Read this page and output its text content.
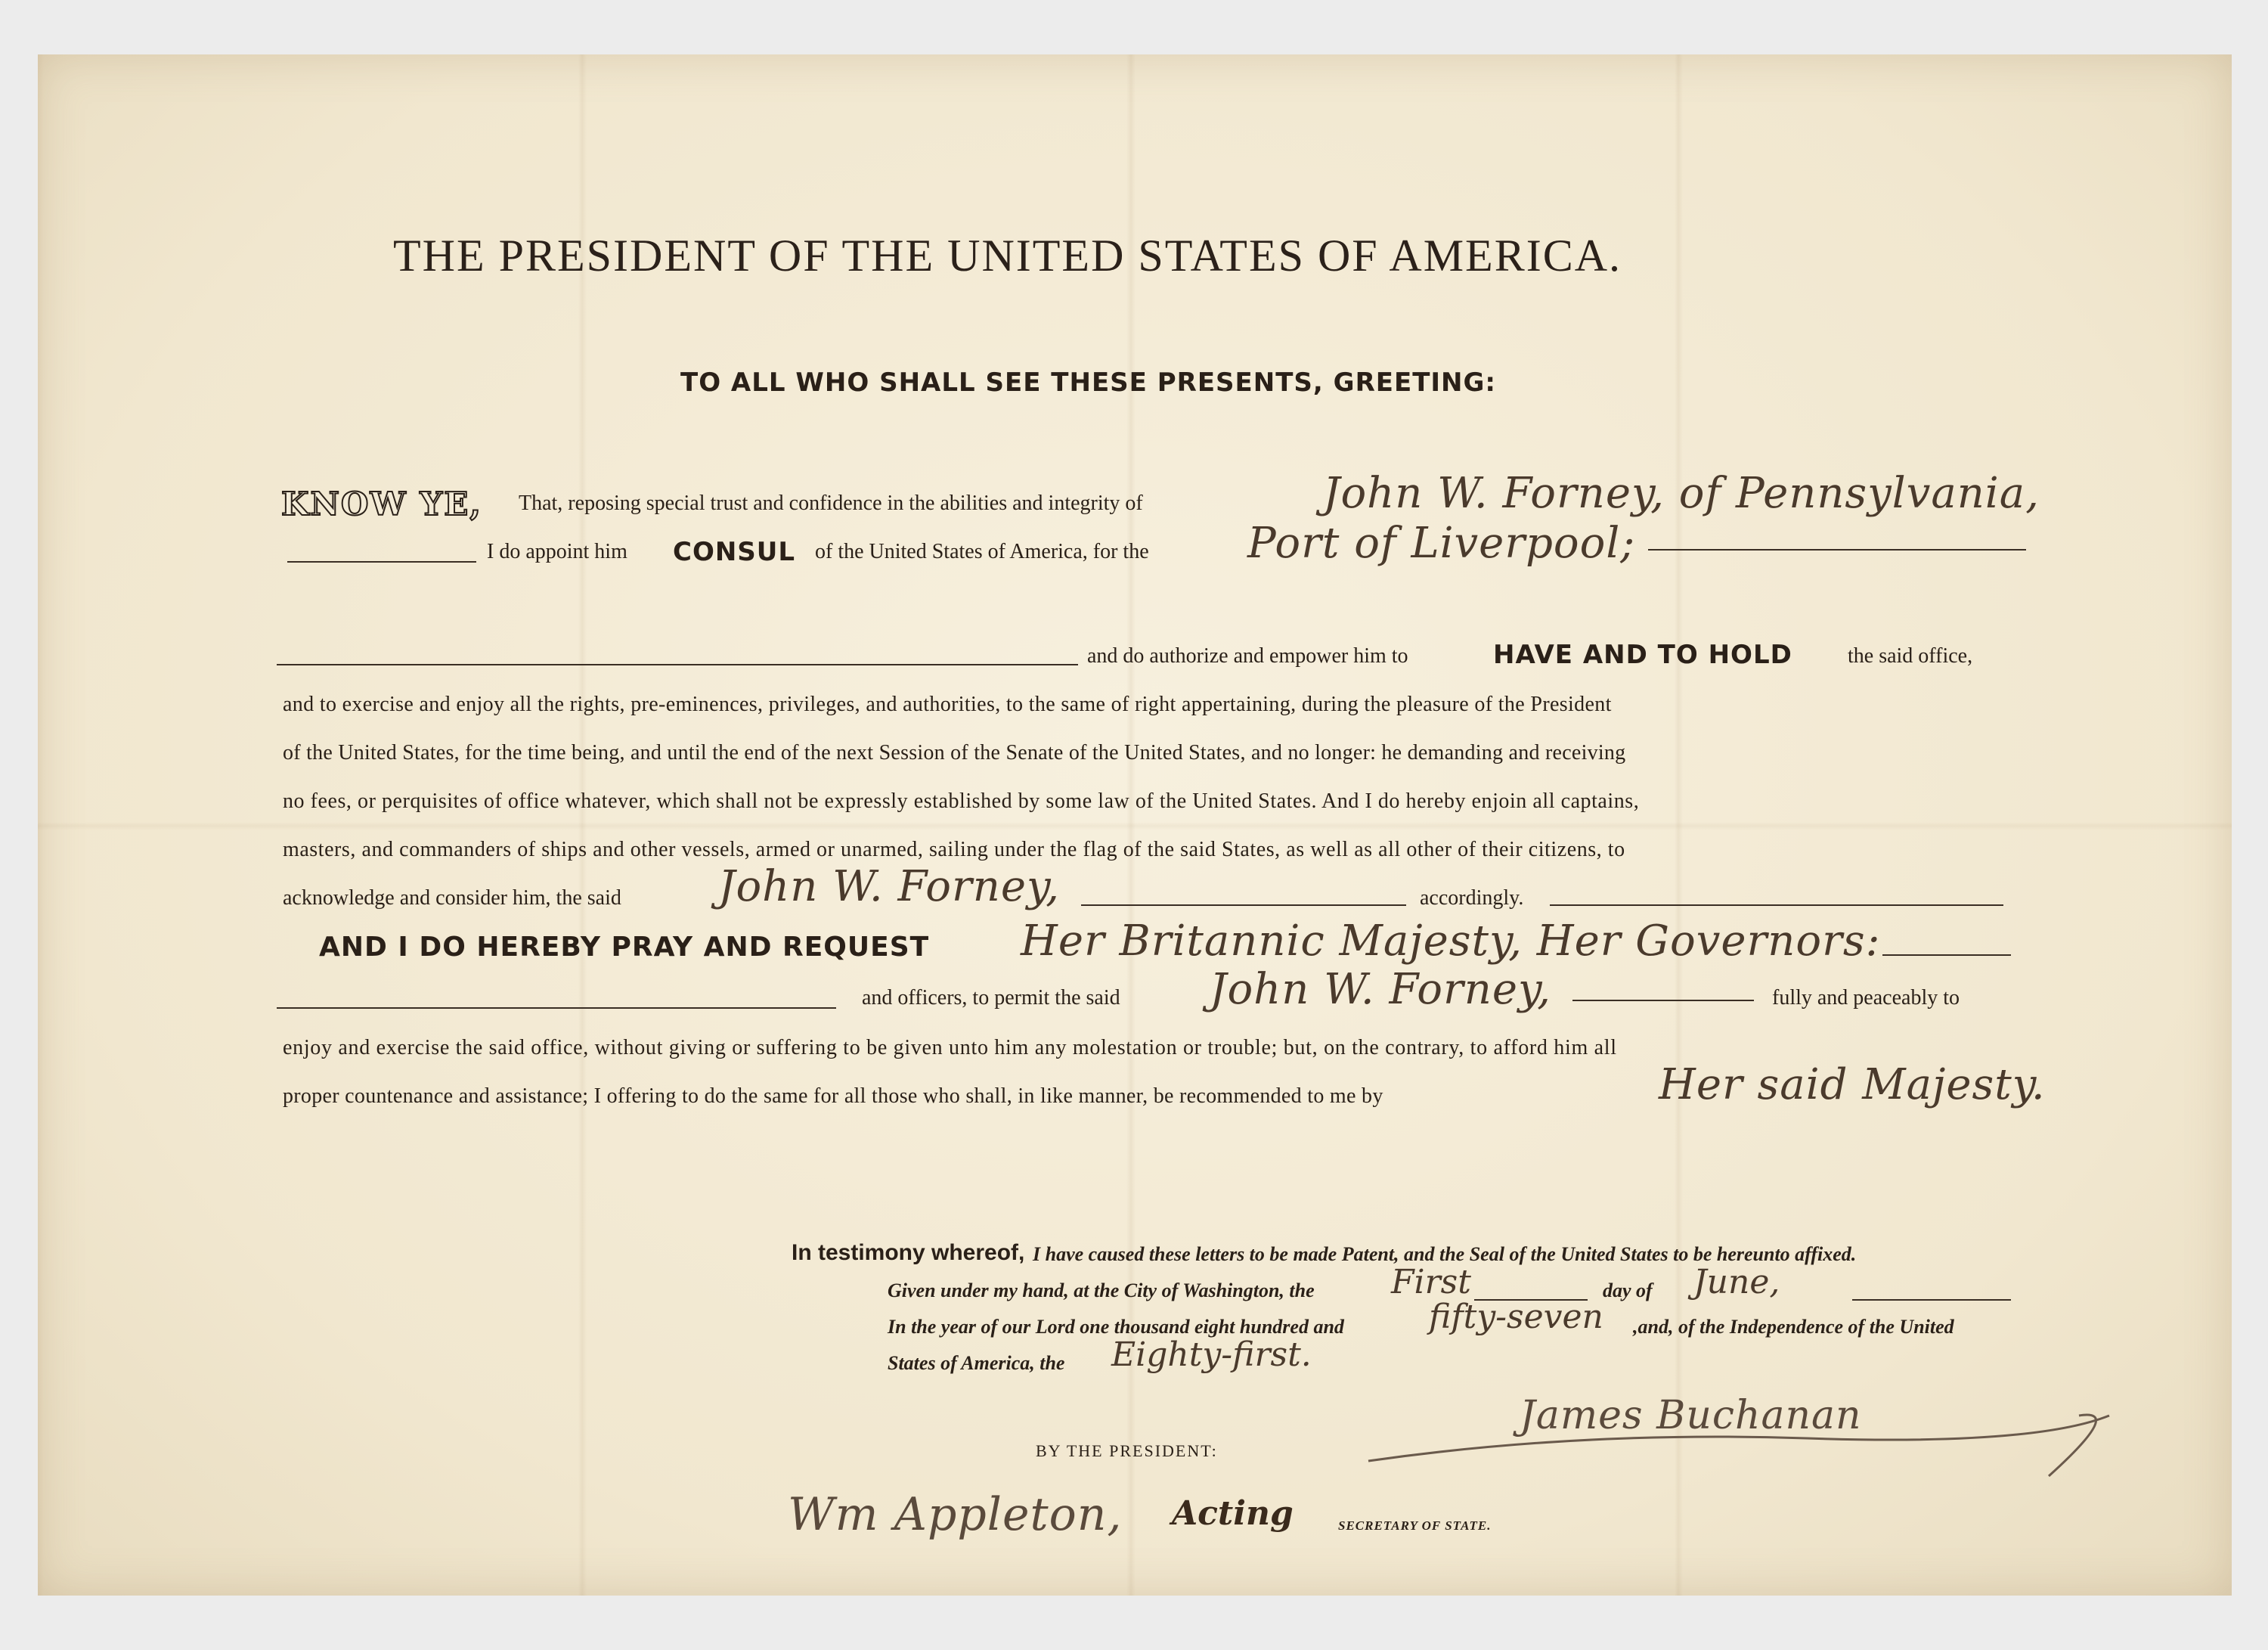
THE PRESIDENT OF THE UNITED STATES OF AMERICA.
TO ALL WHO SHALL SEE THESE PRESENTS, GREETING:
KNOW YE, That, reposing special trust and confidence in the abilities and integrity of	John W. Forney, of Pennsylvania,
I do appoint him CONSUL of the United States of America, for the Port of Liverpool;
and do authorize and empower him to	HAVE AND TO HOLD	the said office,
and to exercise and enjoy all the rights, pre-eminences, privileges, and authorities, to the same of right appertaining, during the pleasure of the President
of the United States, for the time being, and until the end of the next Session of the Senate of the United States, and no longer: he demanding and receiving
no fees, or perquisites of office whatever, which shall not be expressly established by some law of the United States. And I do hereby enjoin all captains,
masters, and commanders of ships and other vessels, armed or unarmed, sailing under the flag of the said States, as well as all other of their citizens, to
acknowledge and consider him, the said John W. Forney,	accordingly.
AND I DO HEREBY PRAY AND REQUEST Her Britannic Majesty, Her Governors:
and officers, to permit the said John W. Forney,	fully and peaceably to
enjoy and exercise the said office, without giving or suffering to be given unto him any molestation or trouble; but, on the contrary, to afford him all
proper countenance and assistance; I offering to do the same for all those who shall, in like manner, be recommended to me by	Her said Majesty.
In testimony whereof, I have caused these letters to be made Patent, and the Seal of the United States to be hereunto affixed.
Given under my hand, at the City of Washington, the First	day of June,
In the year of our Lord one thousand eight hundred and	fifty-seven ,and, of the Independence of the United
States of America, the Eighty-first.
James Buchanan
BY THE PRESIDENT:
Wm Appleton, Acting	SECRETARY OF STATE.
